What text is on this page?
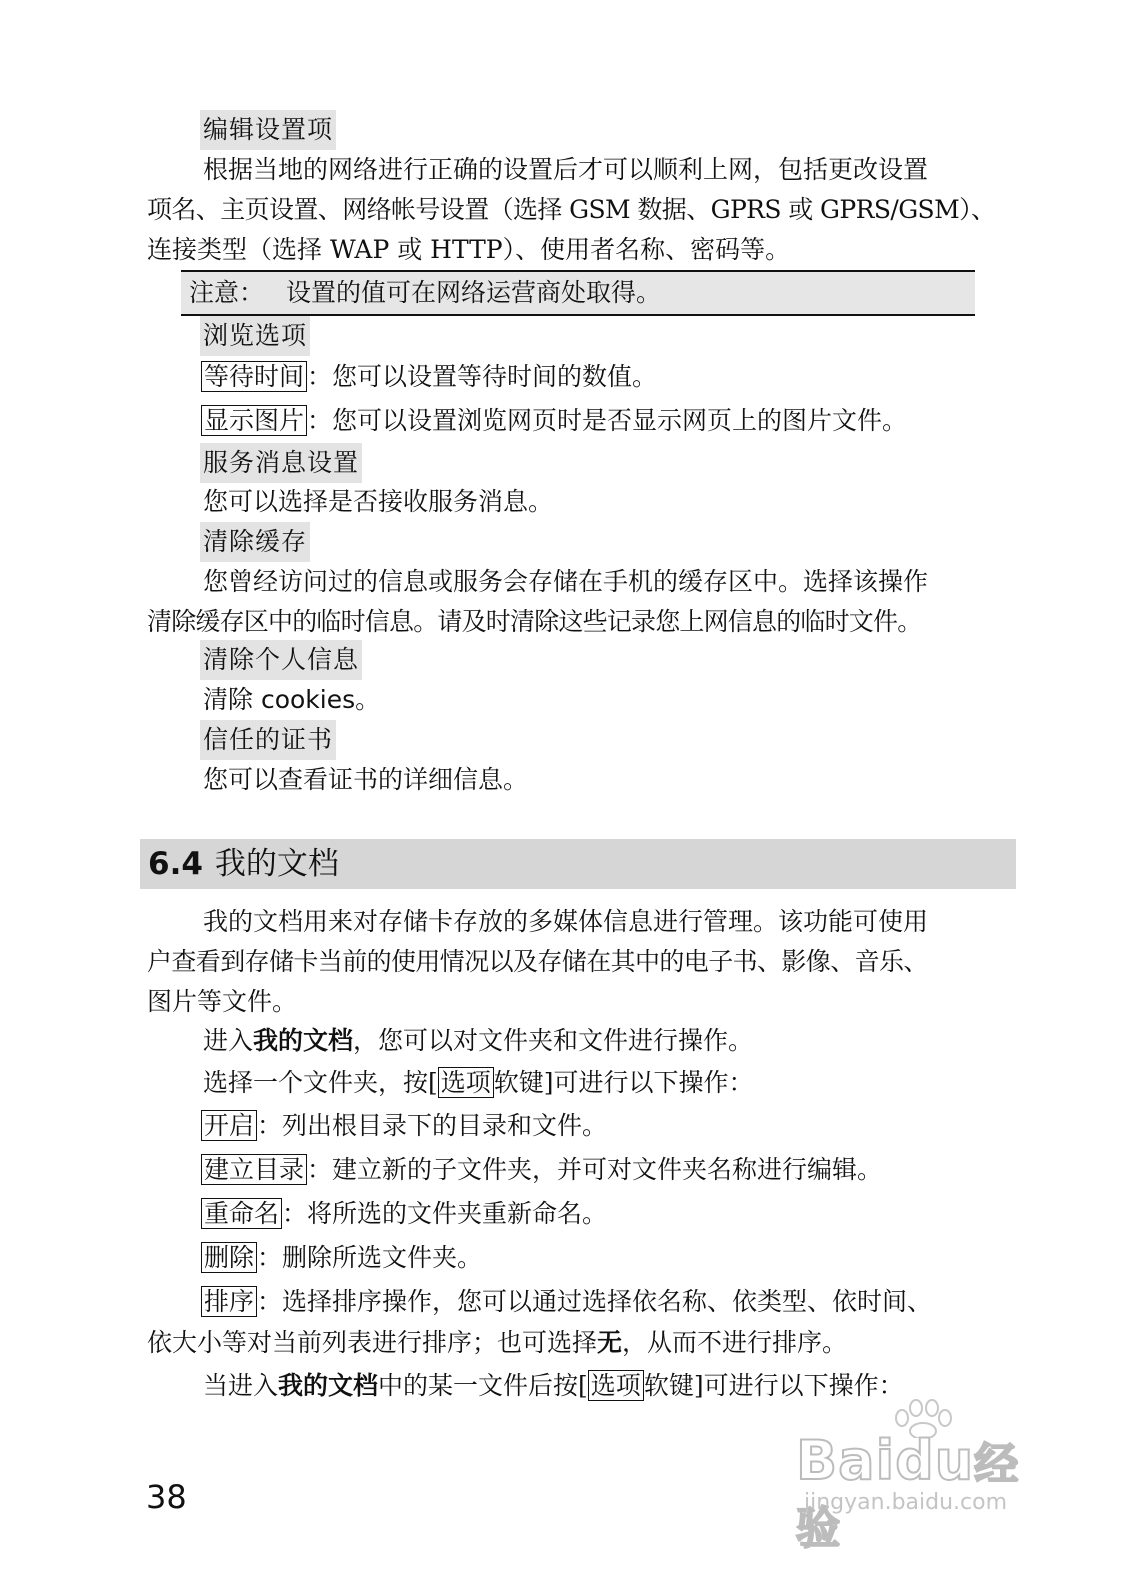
编辑设置项
根据当地的网络进行正确的设置后才可以顺利上网，包括更改设置
项名、主页设置、网络帐号设置（选择 GSM 数据、GPRS 或 GPRS/GSM）、
连接类型（选择 WAP 或 HTTP）、使用者名称、密码等。
注意： 设置的值可在网络运营商处取得。
浏览选项
等待时间 ：您可以设置等待时间的数值。
显示图片 ：您可以设置浏览网页时是否显示网页上的图片文件。
服务消息设置
您可以选择是否接收服务消息。
清除缓存
您曾经访问过的信息或服务会存储在手机的缓存区中。选择该操作
清除缓存区中的临时信息。请及时清除这些记录您上网信息的临时文件。
清除个人信息
清除 cookies。
信任的证书
您可以查看证书的详细信息。
6.4 我的文档
我的文档用来对存储卡存放的多媒体信息进行管理。该功能可使用
户查看到存储卡当前的使用情况以及存储在其中的电子书、影像、音乐、
图片等文件。
进入我的文档，您可以对文件夹和文件进行操作。
选择一个文件夹，按[ 选项 软键]可进行以下操作：
开启 ：列出根目录下的目录和文件。
建立目录 ：建立新的子文件夹，并可对文件夹名称进行编辑。
重命名 ：将所选的文件夹重新命名。
删除 ：删除所选文件夹。
排序 ：选择排序操作，您可以通过选择依名称、依类型、依时间、
依大小等对当前列表进行排序；也可选择无，从而不进行排序。
当进入我的文档中的某一文件后按[ 选项 软键]可进行以下操作：
38
Baidu经验
jingyan.baidu.com
